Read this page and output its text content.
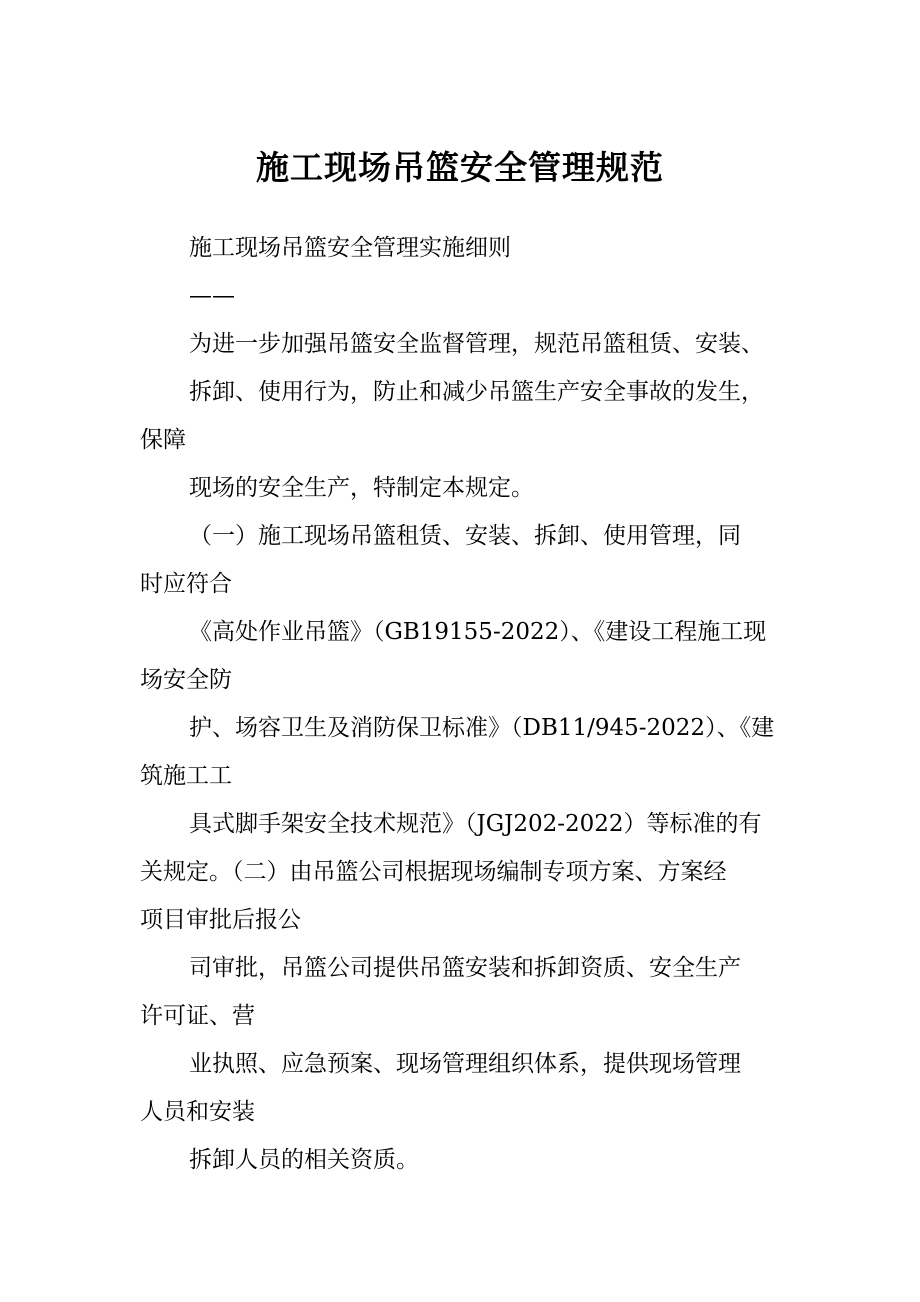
施工现场吊篮安全管理规范
施工现场吊篮安全管理实施细则
——
为进一步加强吊篮安全监督管理，规范吊篮租赁、安装、
拆卸、使用行为，防止和减少吊篮生产安全事故的发生，
保障
现场的安全生产，特制定本规定。
（一）施工现场吊篮租赁、安装、拆卸、使用管理，同
时应符合
《高处作业吊篮》（GB19155-2022）、《建设工程施工现
场安全防
护、场容卫生及消防保卫标准》（DB11/945-2022）、《建
筑施工工
具式脚手架安全技术规范》（JGJ202-2022）等标准的有
关规定。（二）由吊篮公司根据现场编制专项方案、方案经
项目审批后报公
司审批，吊篮公司提供吊篮安装和拆卸资质、安全生产
许可证、营
业执照、应急预案、现场管理组织体系，提供现场管理
人员和安装
拆卸人员的相关资质。
